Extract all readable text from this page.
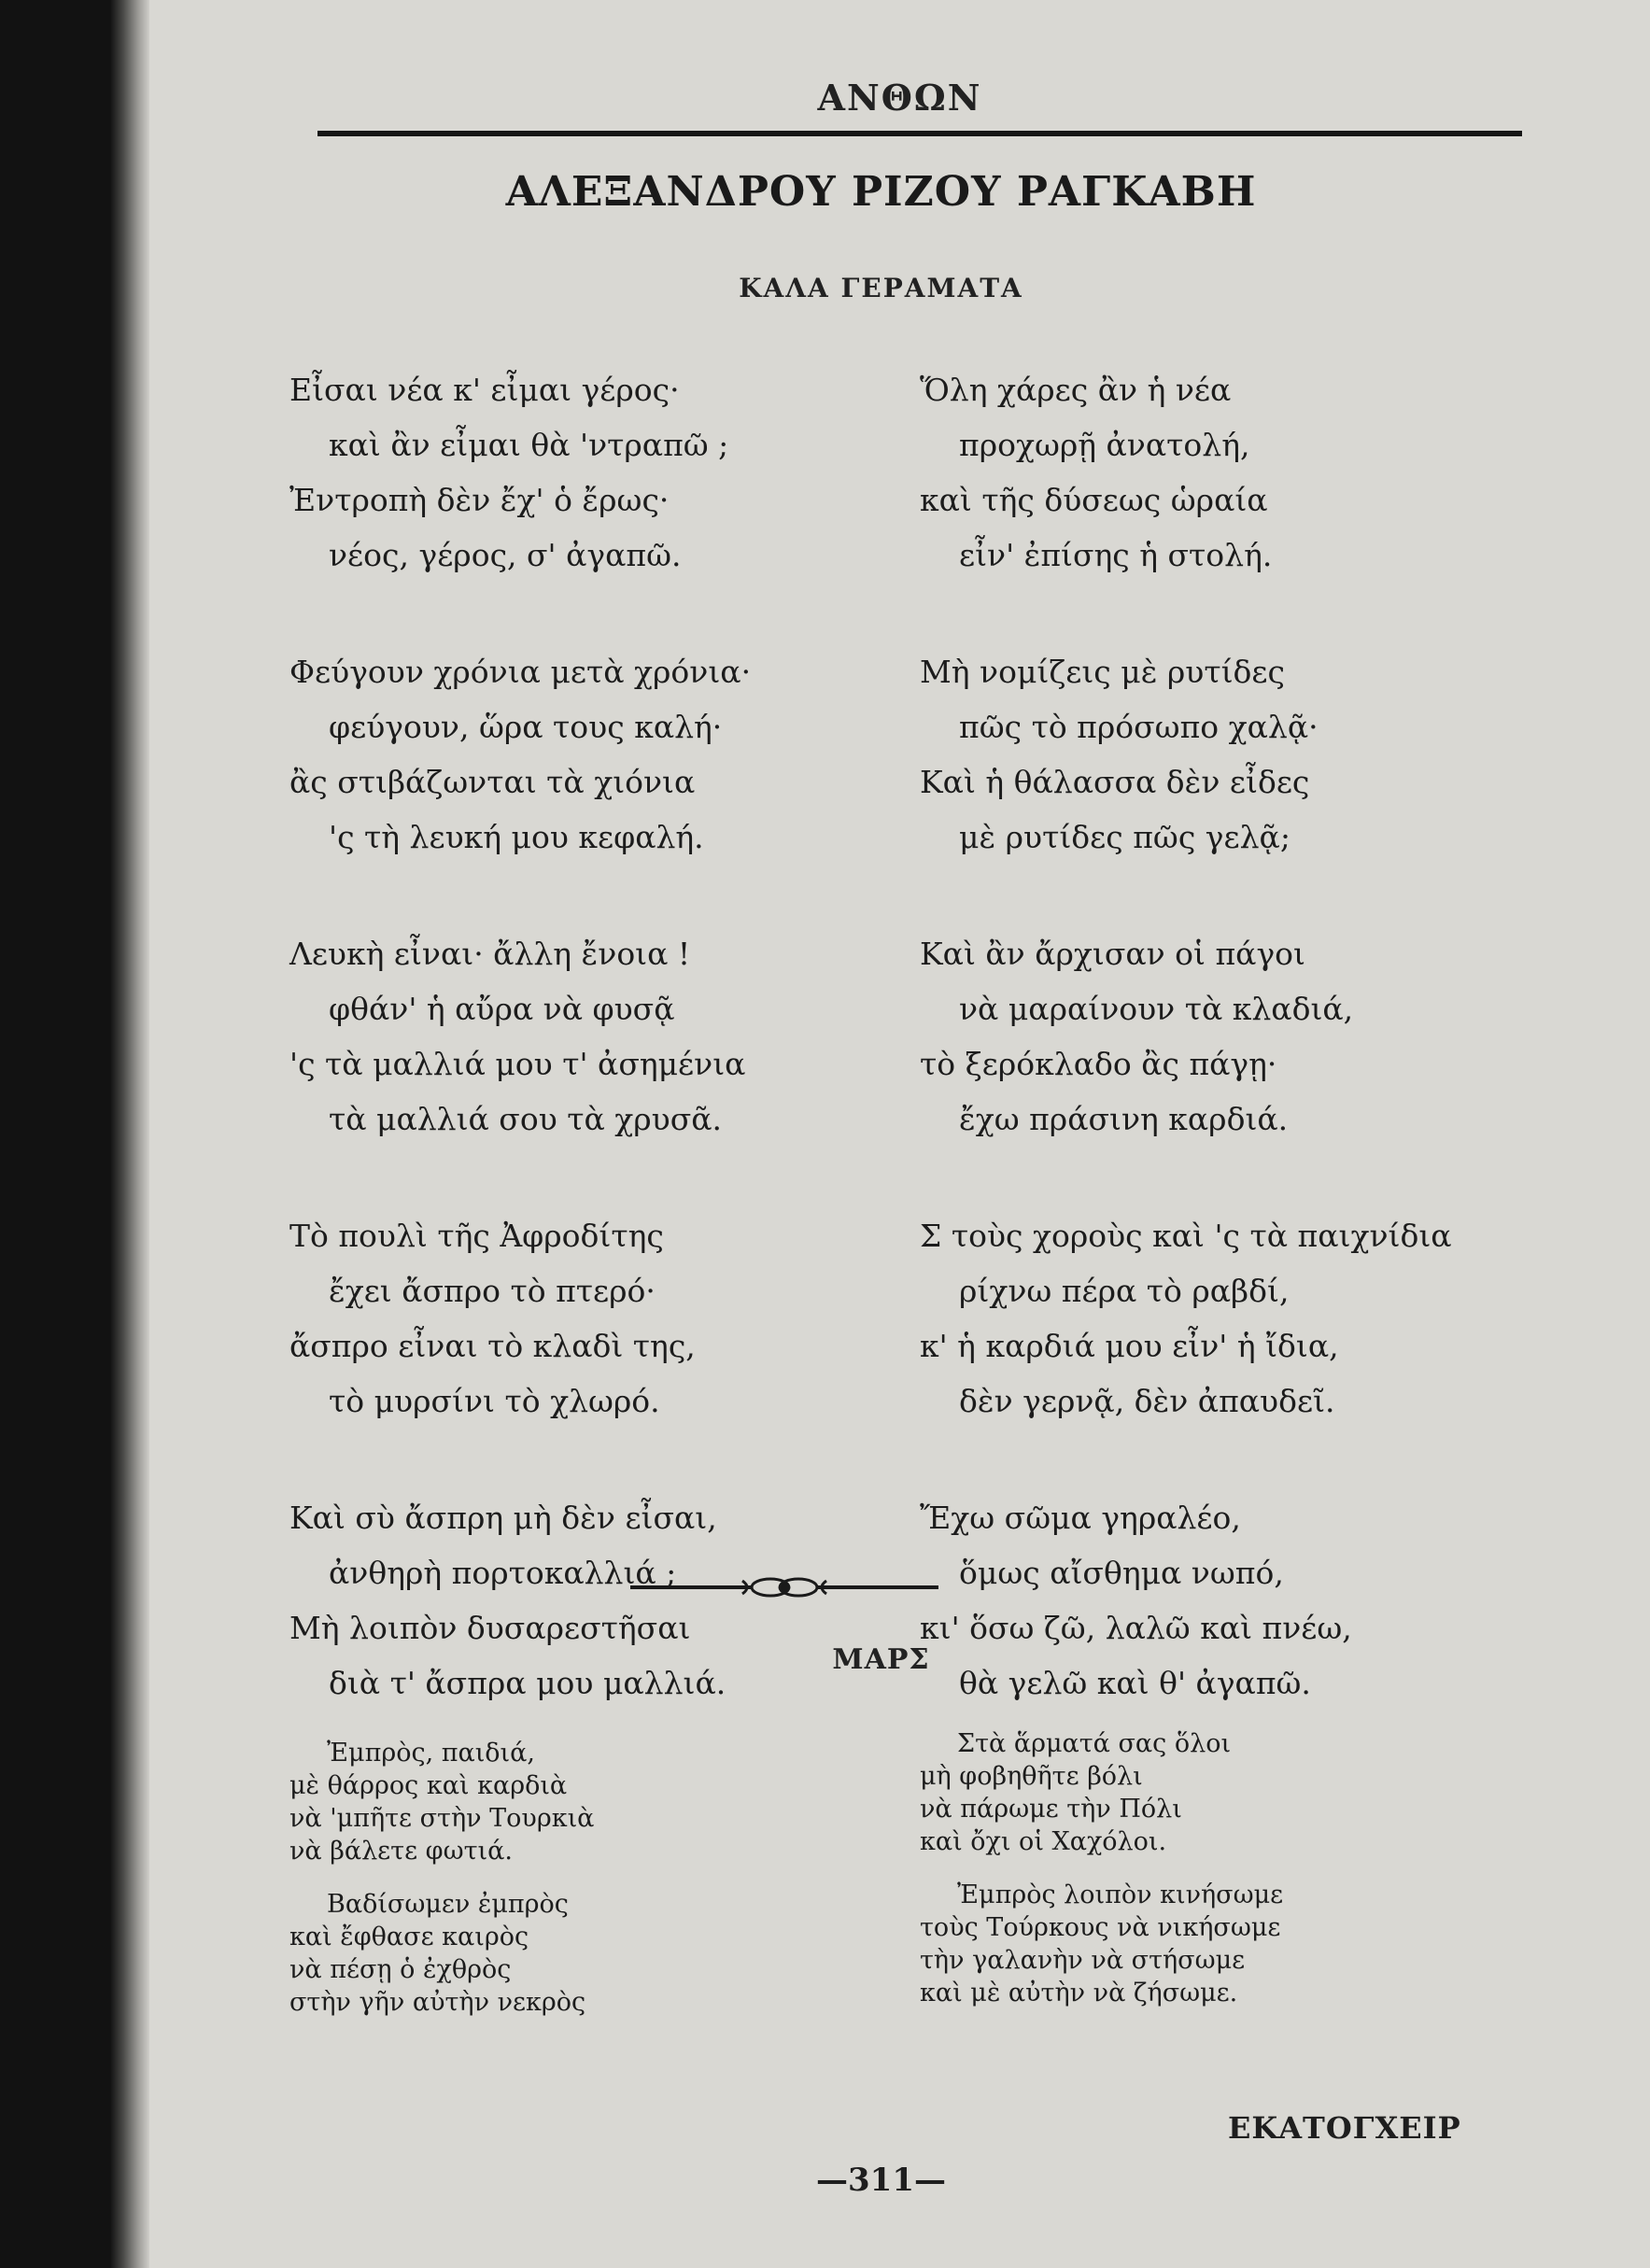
ΑΝΘΩΝ
ΑΛΕΞΑΝΔΡΟΥ ΡΙΖΟΥ ΡΑΓΚΑΒΗ
ΚΑΛΑ ΓΕΡΑΜΑΤΑ
Εἶσαι νέα κ' εἶμαι γέρος·
καὶ ἂν εἶμαι θὰ 'ντραπῶ ;
Ἐντροπὴ δὲν ἔχ' ὁ ἔρως·
νέος, γέρος, σ' ἀγαπῶ.
Φεύγουν χρόνια μετὰ χρόνια·
φεύγουν, ὥρα τους καλή·
ἂς στιβάζωνται τὰ χιόνια
'ς τὴ λευκή μου κεφαλή.
Λευκὴ εἶναι· ἄλλη ἔνοια !
φθάν' ἡ αὔρα νὰ φυσᾷ
'ς τὰ μαλλιά μου τ' ἀσημένια
τὰ μαλλιά σου τὰ χρυσᾶ.
Τὸ πουλὶ τῆς Ἀφροδίτης
ἔχει ἄσπρο τὸ πτερό·
ἄσπρο εἶναι τὸ κλαδὶ της,
τὸ μυρσίνι τὸ χλωρό.
Καὶ σὺ ἄσπρη μὴ δὲν εἶσαι,
ἀνθηρὴ πορτοκαλλιά ;
Μὴ λοιπὸν δυσαρεστῆσαι
διὰ τ' ἄσπρα μου μαλλιά.
Ὅλη χάρες ἂν ἡ νέα
προχωρῇ ἀνατολή,
καὶ τῆς δύσεως ὡραία
εἶν' ἐπίσης ἡ στολή.
Μὴ νομίζεις μὲ ρυτίδες
πῶς τὸ πρόσωπο χαλᾷ·
Καὶ ἡ θάλασσα δὲν εἶδες
μὲ ρυτίδες πῶς γελᾷ;
Καὶ ἂν ἄρχισαν οἱ πάγοι
νὰ μαραίνουν τὰ κλαδιά,
τὸ ξερόκλαδο ἂς πάγῃ·
ἔχω πράσινη καρδιά.
Σ τοὺς χοροὺς καὶ 'ς τὰ παιχνίδια
ρίχνω πέρα τὸ ραβδί,
κ' ἡ καρδιά μου εἶν' ἡ ἴδια,
δὲν γερνᾷ, δὲν ἀπαυδεῖ.
Ἔχω σῶμα γηραλέο,
ὅμως αἴσθημα νωπό,
κι' ὅσω ζῶ, λαλῶ καὶ πνέω,
θὰ γελῶ καὶ θ' ἀγαπῶ.
ΜΑΡΣ
Ἐμπρὸς, παιδιά,
μὲ θάρρος καὶ καρδιὰ
νὰ 'μπῆτε στὴν Τουρκιὰ
νὰ βάλετε φωτιά.
Βαδίσωμεν ἐμπρὸς
καὶ ἔφθασε καιρὸς
νὰ πέσῃ ὁ ἐχθρὸς
στὴν γῆν αὐτὴν νεκρὸς
Στὰ ἅρματά σας ὅλοι
μὴ φοβηθῆτε βόλι
νὰ πάρωμε τὴν Πόλι
καὶ ὄχι οἱ Χαχόλοι.
Ἐμπρὸς λοιπὸν κινήσωμε
τοὺς Τούρκους νὰ νικήσωμε
τὴν γαλανὴν νὰ στήσωμε
καὶ μὲ αὐτὴν νὰ ζήσωμε.
ΕΚΑΤΟΓΧΕΙΡ
—311—
